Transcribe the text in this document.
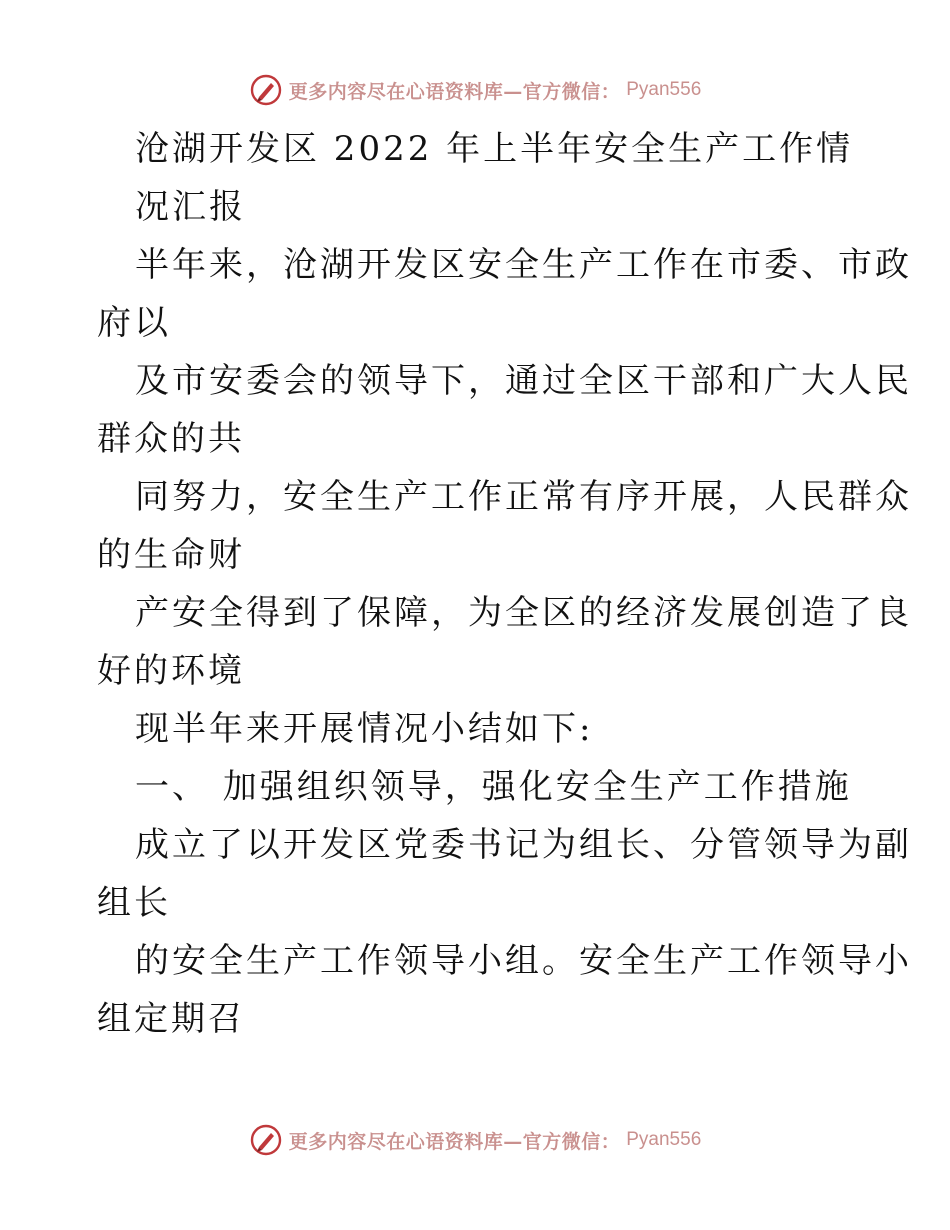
更多内容尽在心语资料库—官方微信： Pyan556
沧湖开发区 2022 年上半年安全生产工作情
况汇报
半年来，沧湖开发区安全生产工作在市委、市政
府以
及市安委会的领导下，通过全区干部和广大人民
群众的共
同努力，安全生产工作正常有序开展，人民群众
的生命财
产安全得到了保障，为全区的经济发展创造了良
好的环境
现半年来开展情况小结如下:
一、 加强组织领导，强化安全生产工作措施
成立了以开发区党委书记为组长、分管领导为副
组长
的安全生产工作领导小组。安全生产工作领导小
组定期召
更多内容尽在心语资料库—官方微信： Pyan556
